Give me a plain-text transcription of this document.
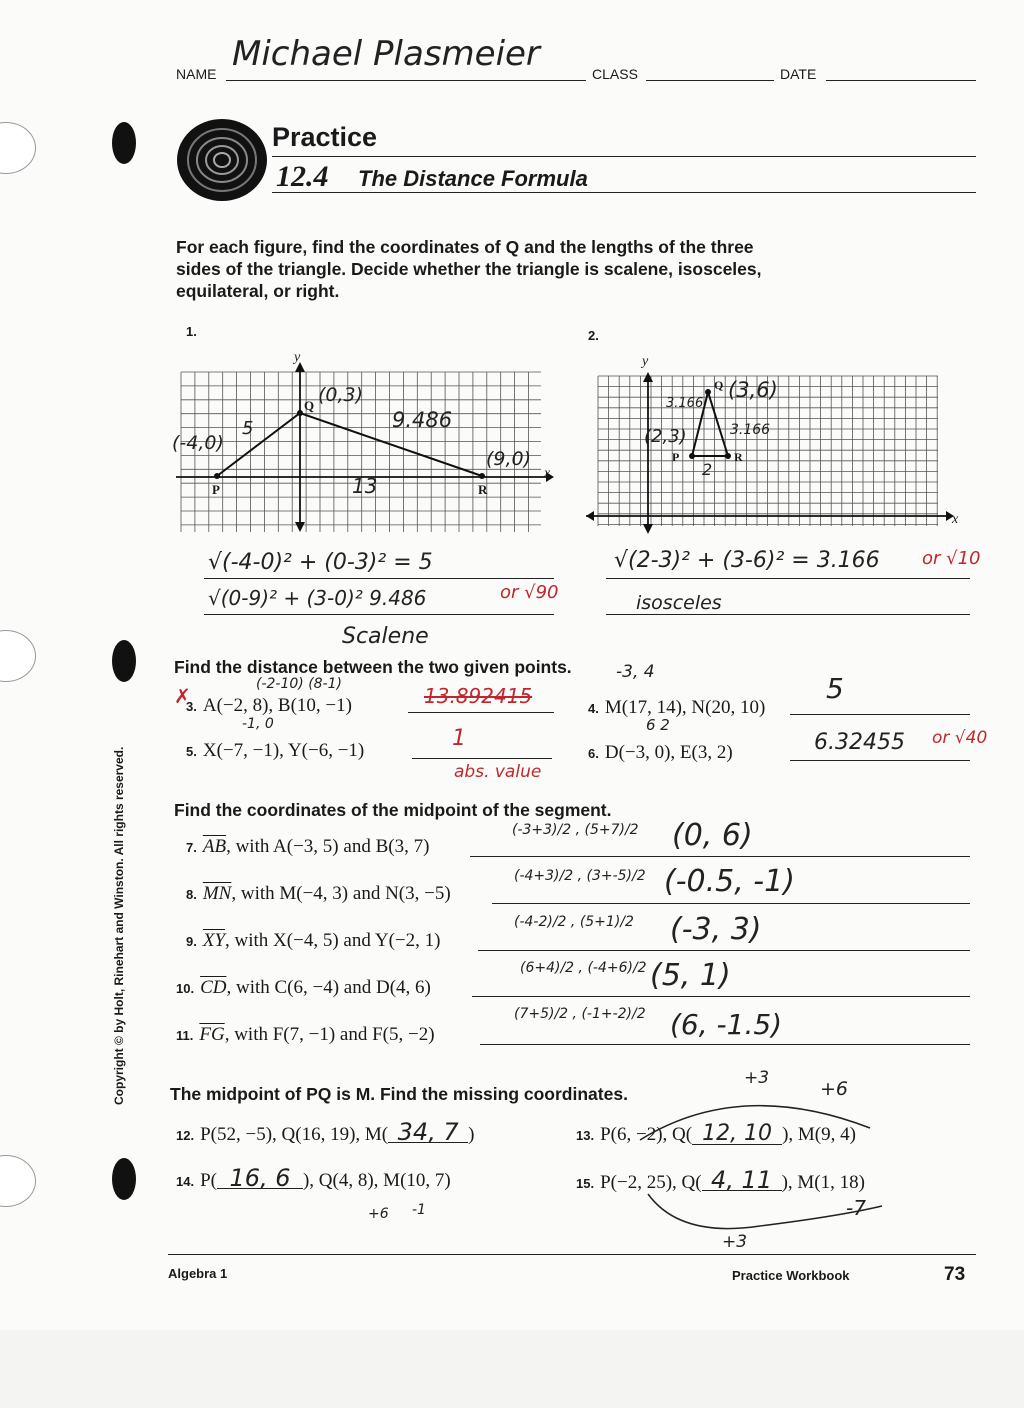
NAME Michael Plasmeier	CLASS	DATE
Practice
12.4 The Distance Formula
For each figure, find the coordinates of Q and the lengths of the three sides of the triangle. Decide whether the triangle is scalene, isosceles, equilateral, or right.
1.
y
x
P
Q
R
(-4,0)
(0,3)
(9,0)
5	9.486
13
√(-4-0)² + (0-3)² = 5
√(0-9)² + (3-0)² 9.486	or √90
Scalene
2.
y
x
P
Q
R
(2,3)
(3,6)
3.166
3.166
2
√(2-3)² + (3-6)² = 3.166 or √10
isosceles
Find the distance between the two given points.
(-2-10) (8-1)
✗
3. A(−2, 8), B(10, −1)	13.892415
-3, 4
4. M(17, 14), N(20, 10)
5
-1, 0
5. X(−7, −1), Y(−6, −1)	1
abs. value
6 2
6. D(−3, 0), E(3, 2)	6.32455 or √40
Find the coordinates of the midpoint of the segment.
7. $\overline{AB}$, with A(−3, 5) and B(3, 7)
(-3+3)/2 , (5+7)/2 (0, 6)
8. $\overline{MN}$, with M(−4, 3) and N(3, −5)
(-4+3)/2 , (3+-5)/2 (-0.5, -1)
9. $\overline{XY}$, with X(−4, 5) and Y(−2, 1)
(-4-2)/2 , (5+1)/2 (-3, 3)
10. $\overline{CD}$, with C(6, −4) and D(4, 6)
(6+4)/2 , (-4+6)/2 (5, 1)
11. $\overline{FG}$, with F(7, −1) and F(5, −2)
(7+5)/2 , (-1+-2)/2 (6, -1.5)
The midpoint of PQ is M. Find the missing coordinates.
12. P(52, −5), Q(16, 19), M( 34, 7 )
+3	+6
13. P(6, −2), Q( 12, 10 ), M(9, 4)
14. P( 16, 6 ), Q(4, 8), M(10, 7)
+6 -1
15. P(−2, 25), Q( 4, 11 ), M(1, 18)
-7
+3
Algebra 1	Practice Workbook	73
Copyright © by Holt, Rinehart and Winston. All rights reserved.
